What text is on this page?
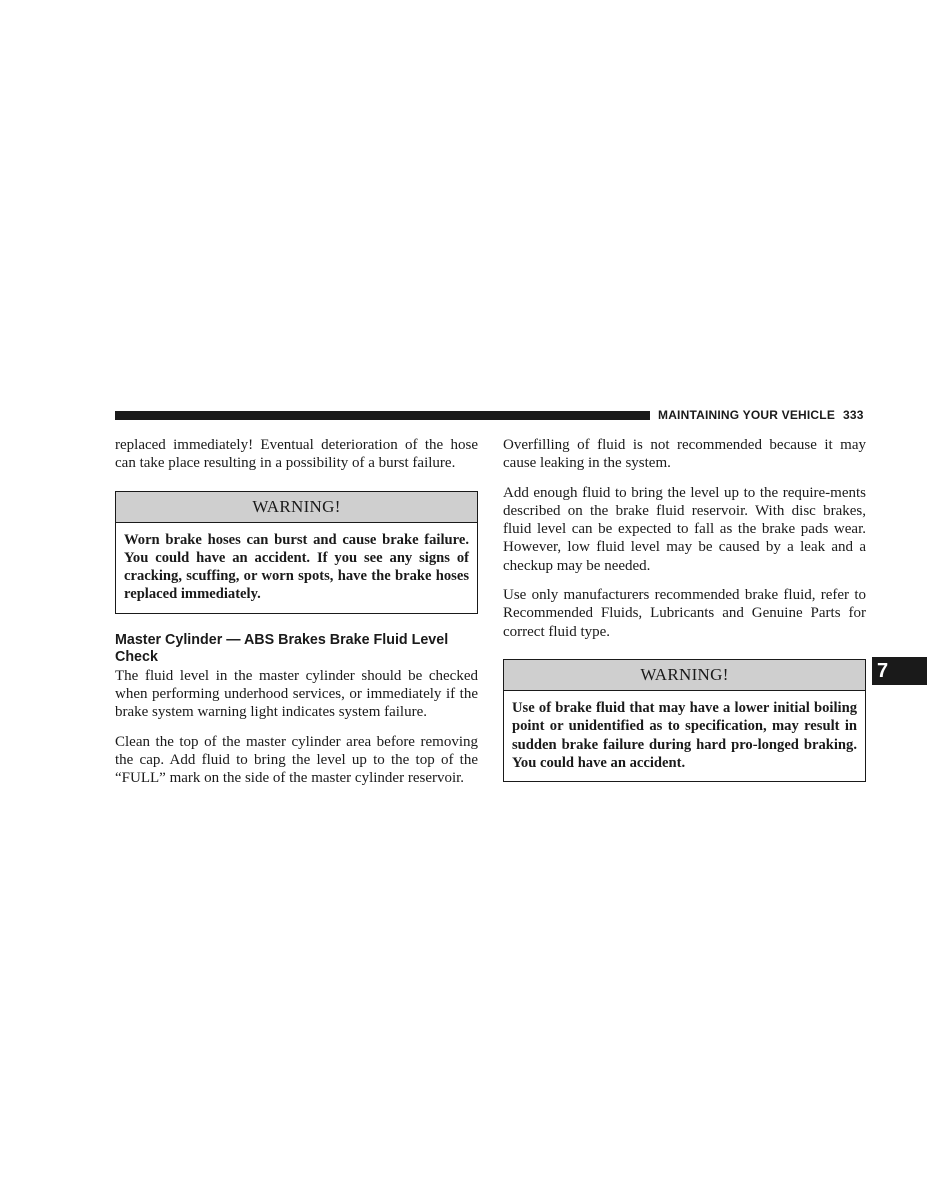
MAINTAINING YOUR VEHICLE 333

replaced immediately! Eventual deterioration of the hose can take place resulting in a possibility of a burst failure.

WARNING!
Worn brake hoses can burst and cause brake failure. You could have an accident. If you see any signs of cracking, scuffing, or worn spots, have the brake hoses replaced immediately.
Master Cylinder — ABS Brakes Brake Fluid Level Check

The fluid level in the master cylinder should be checked when performing underhood services, or immediately if the brake system warning light indicates system failure.

Clean the top of the master cylinder area before removing the cap. Add fluid to bring the level up to the top of the “FULL” mark on the side of the master cylinder reservoir.

Overfilling of fluid is not recommended because it may cause leaking in the system.

Add enough fluid to bring the level up to the require-ments described on the brake fluid reservoir. With disc brakes, fluid level can be expected to fall as the brake pads wear. However, low fluid level may be caused by a leak and a checkup may be needed.

Use only manufacturers recommended brake fluid, refer to Recommended Fluids, Lubricants and Genuine Parts for correct fluid type.

WARNING!
Use of brake fluid that may have a lower initial boiling point or unidentified as to specification, may result in sudden brake failure during hard pro-longed braking. You could have an accident.
7
